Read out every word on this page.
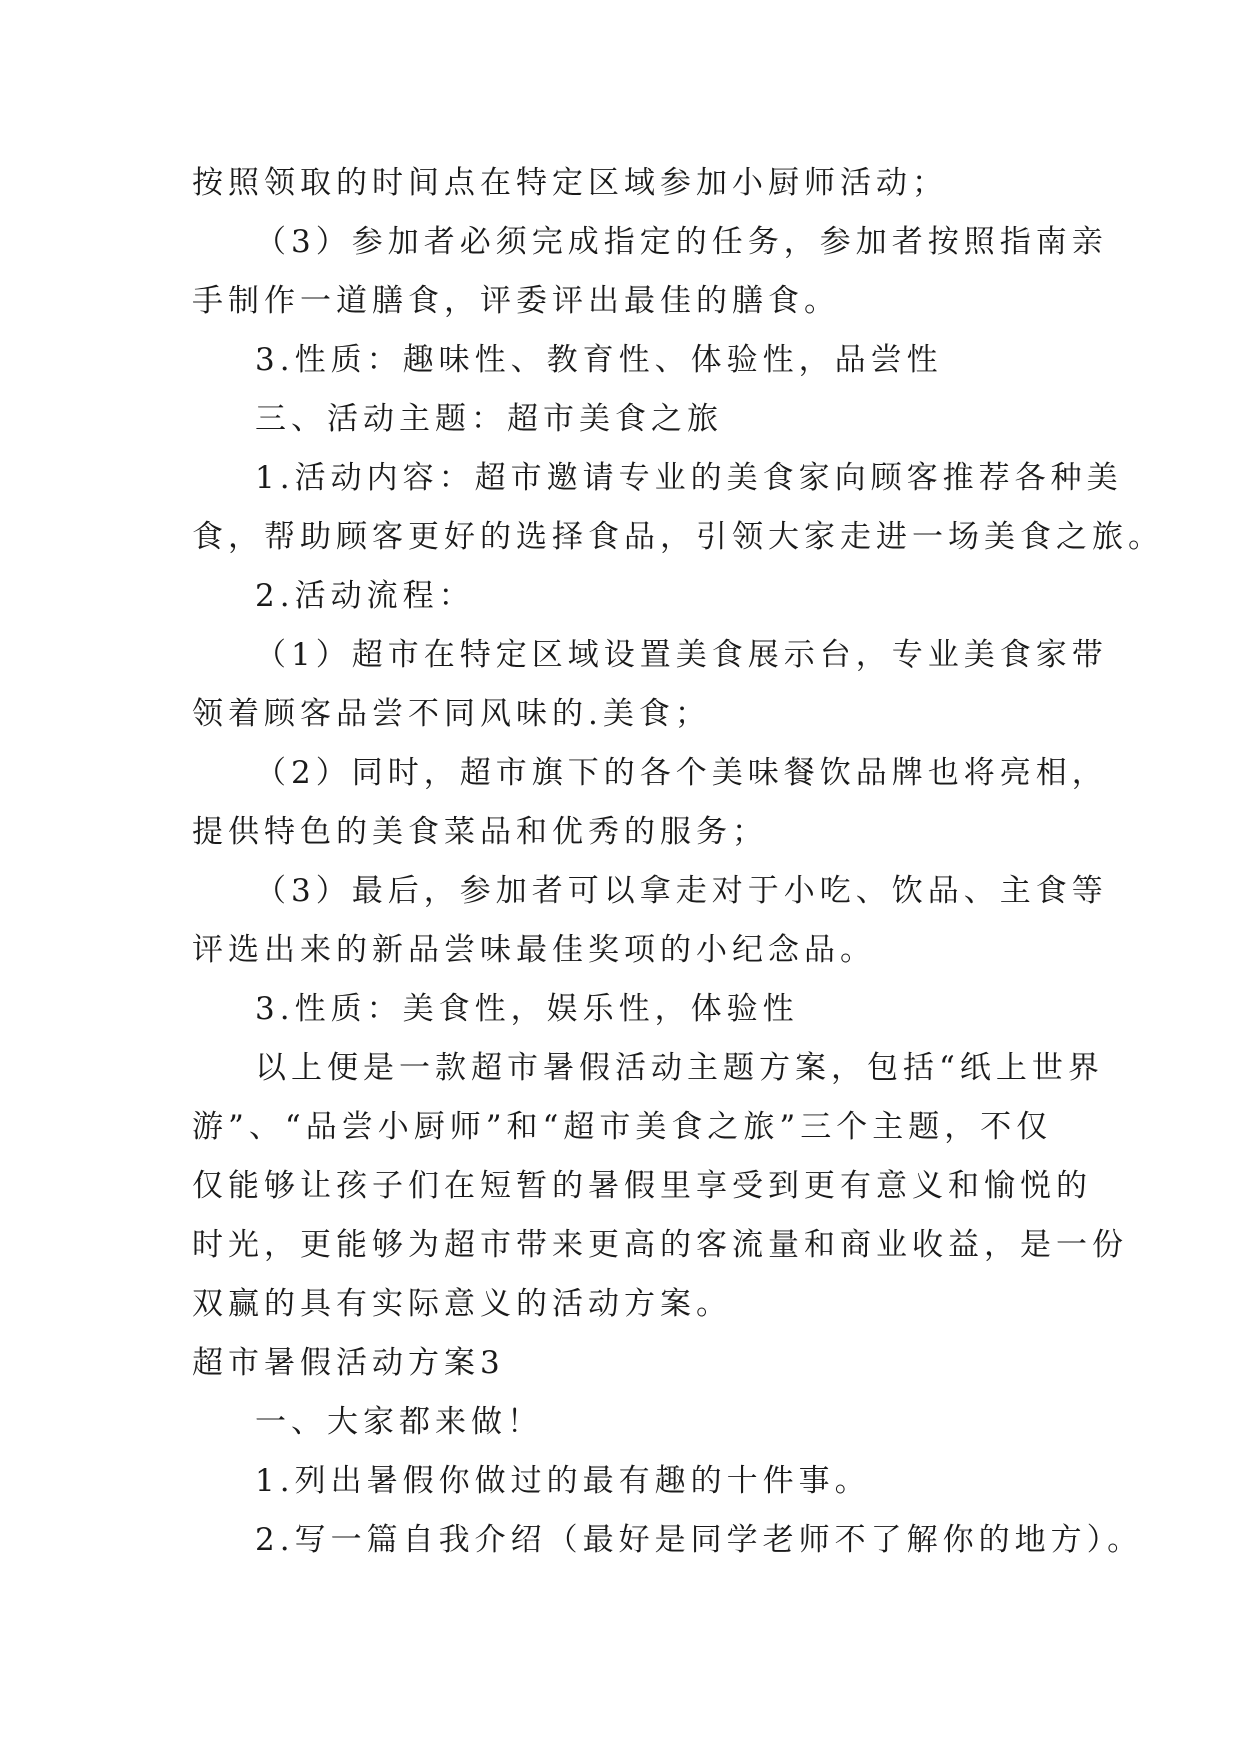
按照领取的时间点在特定区域参加小厨师活动；
（3）参加者必须完成指定的任务，参加者按照指南亲
手制作一道膳食，评委评出最佳的膳食。
3.性质：趣味性、教育性、体验性，品尝性
三、活动主题：超市美食之旅
1.活动内容：超市邀请专业的美食家向顾客推荐各种美
食，帮助顾客更好的选择食品，引领大家走进一场美食之旅。
2.活动流程：
（1）超市在特定区域设置美食展示台，专业美食家带
领着顾客品尝不同风味的.美食；
（2）同时，超市旗下的各个美味餐饮品牌也将亮相，
提供特色的美食菜品和优秀的服务；
（3）最后，参加者可以拿走对于小吃、饮品、主食等
评选出来的新品尝味最佳奖项的小纪念品。
3.性质：美食性，娱乐性，体验性
以上便是一款超市暑假活动主题方案，包括“纸上世界
游”、“品尝小厨师”和“超市美食之旅”三个主题，不仅
仅能够让孩子们在短暂的暑假里享受到更有意义和愉悦的
时光，更能够为超市带来更高的客流量和商业收益，是一份
双赢的具有实际意义的活动方案。
超市暑假活动方案3
一、大家都来做！
1.列出暑假你做过的最有趣的十件事。
2.写一篇自我介绍（最好是同学老师不了解你的地方）。
